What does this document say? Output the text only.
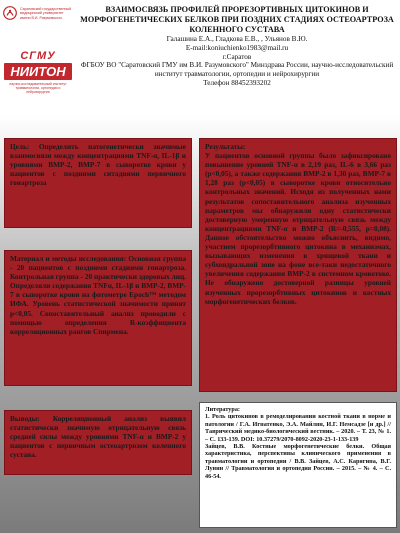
Саратовский государственный медицинский университет имени В.И. Разумовского
СГМУ
НИИТОН
научно-исследовательский институт травматологии, ортопедии и нейрохирургии
ВЗАИМОСВЯЗЬ ПРОФИЛЕЙ ПРОРЕЗОРТИВНЫХ ЦИТОКИНОВ И МОРФОГЕНЕТИЧЕСКИХ БЕЛКОВ ПРИ ПОЗДНИХ СТАДИЯХ ОСТЕОАРТРОЗА КОЛЕННОГО СУСТАВА
Галашина Е.А., Гладкова Е.В., , Ульянов В.Ю.
E-mail:koniuchienko1983@mail.ru
г.Саратов
ФГБОУ ВО "Саратовский ГМУ им В.И. Разумовского" Минздрава России, научно-исследовательский институт травматологии, ортопедии и нейрохирургии
Телефон 88452393202
Цель: Определить патогенетически значимые взаимосвязи между концентрациями TNF-α, IL-1β и уровнями BMP-2, BMP-7 в сыворотке крови у пациентов с поздними ситадиями первичного гонартроза
Материал и методы исследования: Основная группа - 20 пациентов с поздними стадиями гонартроза. Контрольная группа - 20 практически здоровых лиц. Определяли содержания TNFα, IL-1β и BMP-2, BMP-7 в сыворотке крови на фотометре Epoch™ методом ИФА. Уровень статистической значимости принят p<0,05. Сопоставительный анализ проводили с помощью определения R-коэффициента корреляционных рангов Спирмена.
Выводы: Корреляционный анализ выявил статистически значимую отрицательную связь средней силы между уровнями TNF-α и BMP-2 у пациентов с первичным остеоартрозом коленного сустава.
Результаты:
У пациентов основной группы было зафиксировано повышение уровней TNF-α в 2,19 раз, IL-6 в 3,66 раз (p<0,05), а также содержания BMP-2 в 1,30 раз, BMP-7 в 1,28 раз (p<0,05) в сыворотке крови относительно контрольных значений. Исходя из полученных нами результатов сопоставительного анализа изученных параметров мы обнаружили одну статистически достоверную умеренную отрицательную связь между концентрациями TNF-α и BMP-2 (R=-0,555, p=0,08). Данное обстоятельство можно объяснить, видимо, участием прорезорбтивного цитокина в механизмах, вызывающих изменения в хрящевой ткани и субхондральной зоне на фоне все-таки недостаточного увеличения содержания BMP-2 в системном кровотоке. Не обнаружено достоверной разницы уровней изученных прорезорбтивных цитокинов и костных морфогенетических белков.
Литература:
1. Роль цитокинов в ремоделировании костной ткани в норме и патологии / Г.А. Игнатенко, Э.А. Майлян, И.Г. Немсадзе [и др.] // Таврический медико-биологический вестник. – 2020. – Т. 23, № 1. – С. 133-139. DOI: 10.37279/2070-8092-2020-23-1-133-139
Зайцев, В.В. Костные морфогенетические белки. Общая характеристика, перспективы клинического применения в травматологии и ортопедии / В.В. Зайцев, А.С. Карягина, В.Г. Лунин // Травматология и ортопедия России. – 2015. – № 4. – С. 46-54.
